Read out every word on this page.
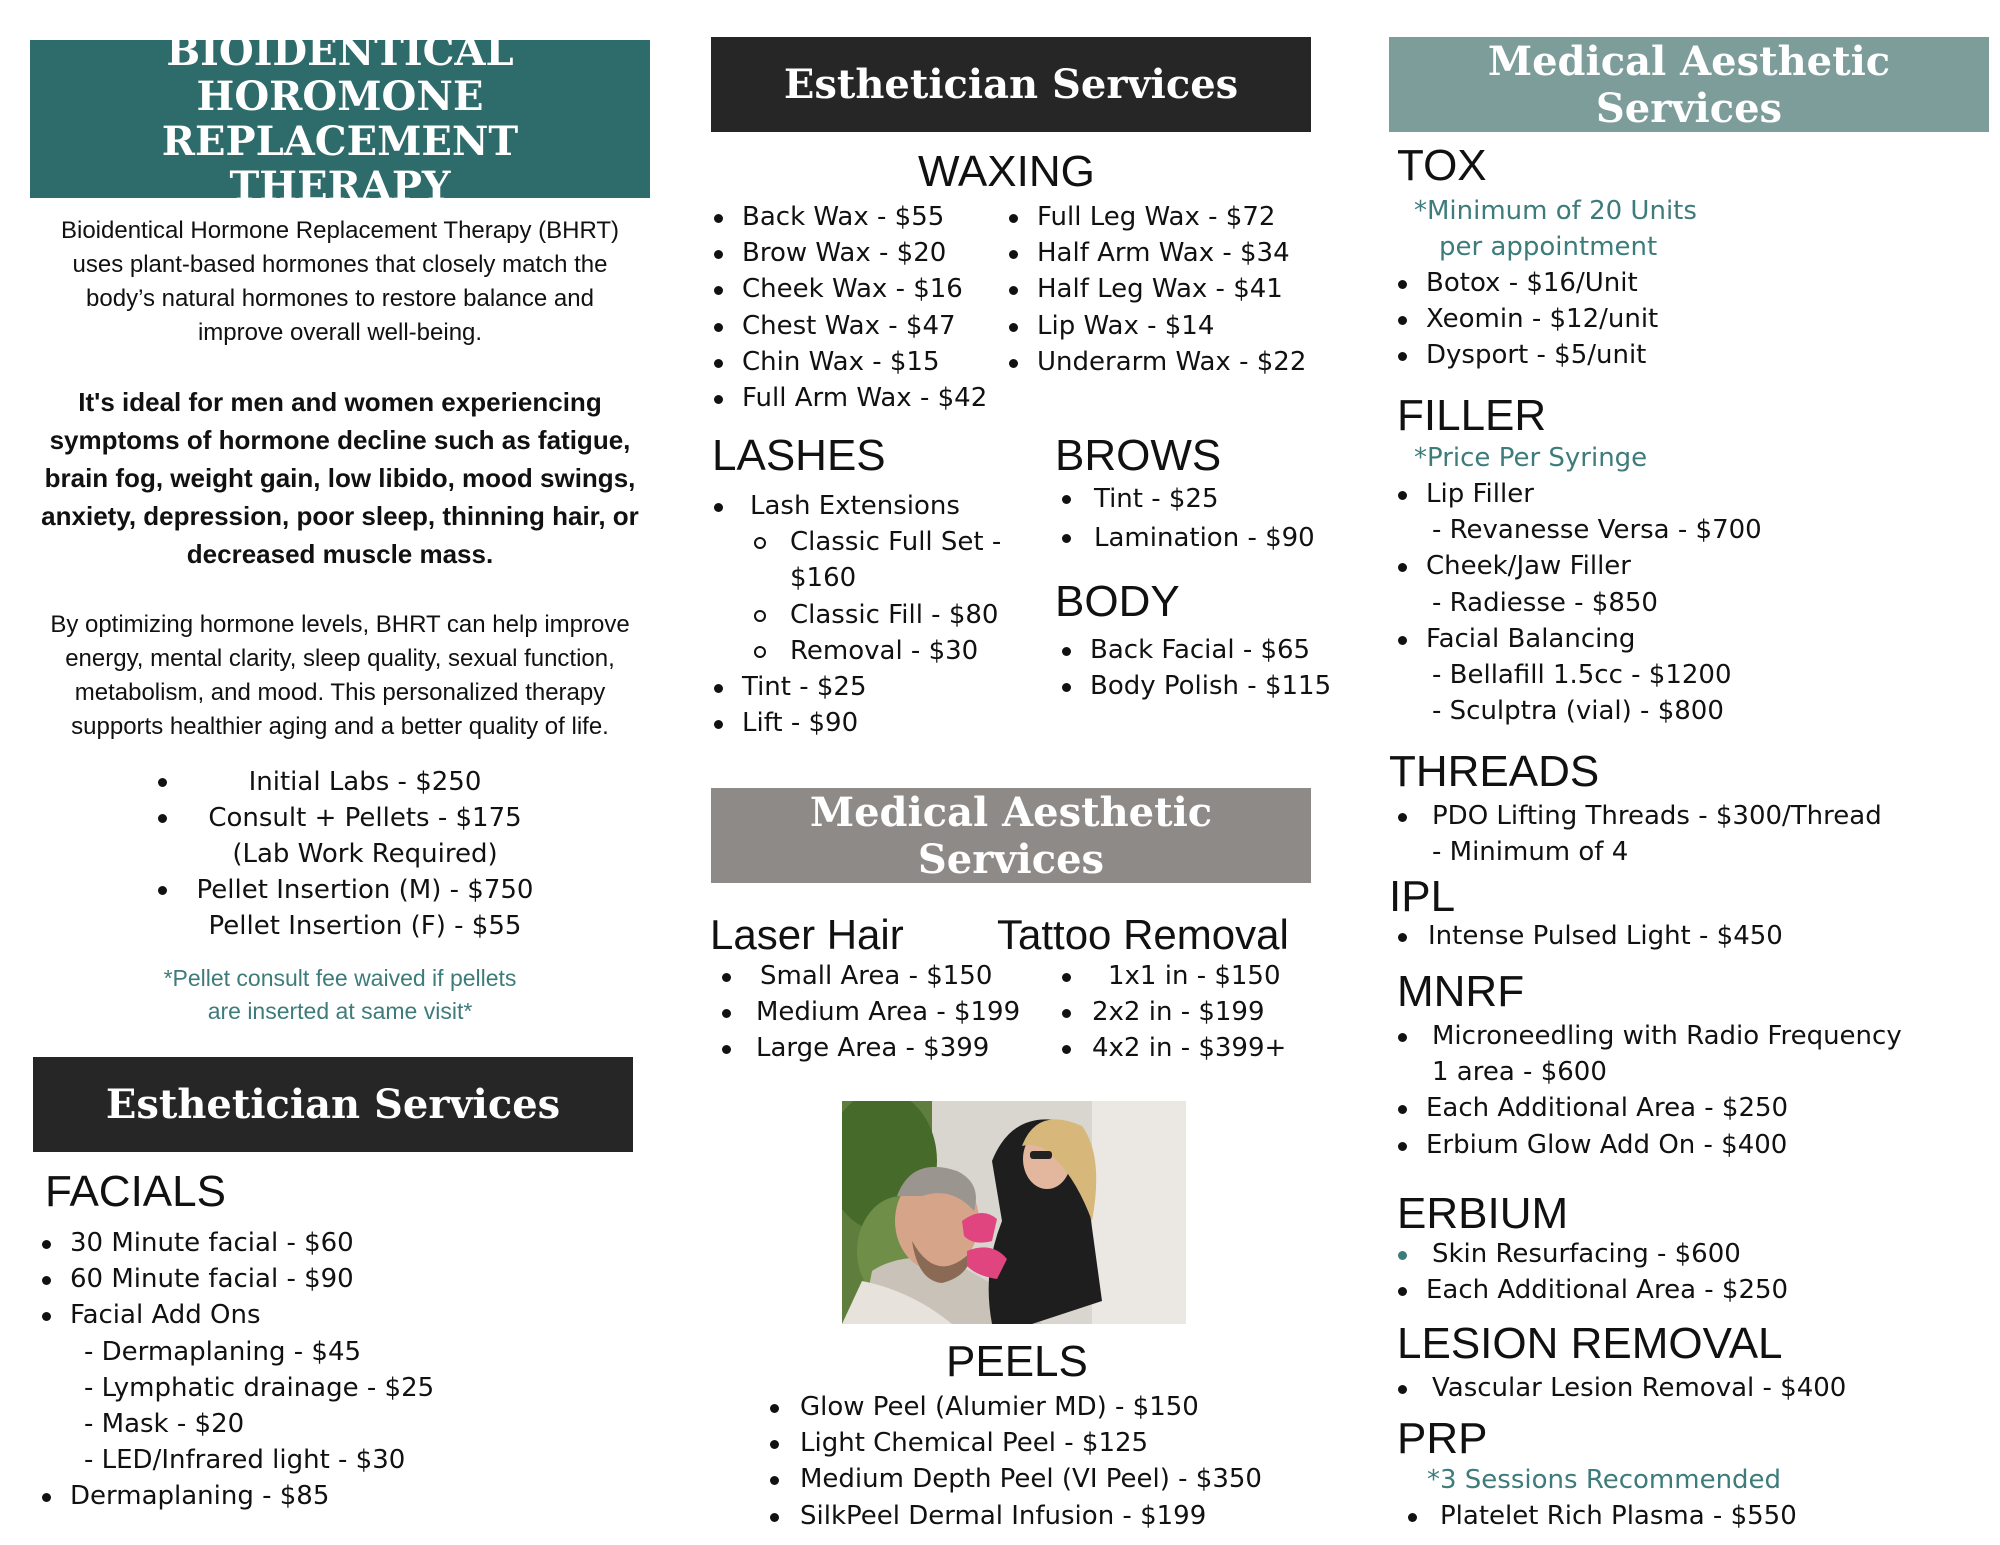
BIOIDENTICAL
HOROMONE REPLACEMENT
THERAPY
Bioidentical Hormone Replacement Therapy (BHRT)
uses plant-based hormones that closely match the
body’s natural hormones to restore balance and
improve overall well-being.
It's ideal for men and women experiencing
symptoms of hormone decline such as fatigue,
brain fog, weight gain, low libido, mood swings,
anxiety, depression, poor sleep, thinning hair, or
decreased muscle mass.
By optimizing hormone levels, BHRT can help improve
energy, mental clarity, sleep quality, sexual function,
metabolism, and mood. This personalized therapy
supports healthier aging and a better quality of life.
Initial Labs - $250
Consult + Pellets - $175
(Lab Work Required)
Pellet Insertion (M) - $750
Pellet Insertion (F) - $55
*Pellet consult fee waived if pellets
are inserted at same visit*
Esthetician Services
FACIALS
30 Minute facial - $60
60 Minute facial - $90
Facial Add Ons
- Dermaplaning - $45
- Lymphatic drainage - $25
- Mask - $20
- LED/Infrared light - $30
Dermaplaning - $85
Esthetician Services
WAXING
Back Wax - $55
Brow Wax - $20
Cheek Wax - $16
Chest Wax - $47
Chin Wax - $15
Full Arm Wax - $42
Full Leg Wax - $72
Half Arm Wax - $34
Half Leg Wax - $41
Lip Wax - $14
Underarm Wax - $22
LASHES
Lash Extensions
Classic Full Set -
$160
Classic Fill - $80
Removal - $30
Tint - $25
Lift - $90
BROWS
Tint - $25
Lamination - $90
BODY
Back Facial - $65
Body Polish - $115
Medical Aesthetic Services
Laser Hair
Small Area - $150
Medium Area - $199
Large Area - $399
Tattoo Removal
1x1 in - $150
2x2 in - $199
4x2 in - $399+
PEELS
Glow Peel (Alumier MD) - $150
Light Chemical Peel - $125
Medium Depth Peel (VI Peel) - $350
SilkPeel Dermal Infusion - $199
Medical Aesthetic Services
TOX
*Minimum of 20 Units
per appointment
Botox - $16/Unit
Xeomin - $12/unit
Dysport - $5/unit
FILLER
*Price Per Syringe
Lip Filler
- Revanesse Versa - $700
Cheek/Jaw Filler
- Radiesse - $850
Facial Balancing
- Bellafill 1.5cc - $1200
- Sculptra (vial) - $800
THREADS
PDO Lifting Threads - $300/Thread
- Minimum of 4
IPL
Intense Pulsed Light - $450
MNRF
Microneedling with Radio Frequency
1 area - $600
Each Additional Area - $250
Erbium Glow Add On - $400
ERBIUM
Skin Resurfacing - $600
Each Additional Area - $250
LESION REMOVAL
Vascular Lesion Removal - $400
PRP
*3 Sessions Recommended
Platelet Rich Plasma - $550
